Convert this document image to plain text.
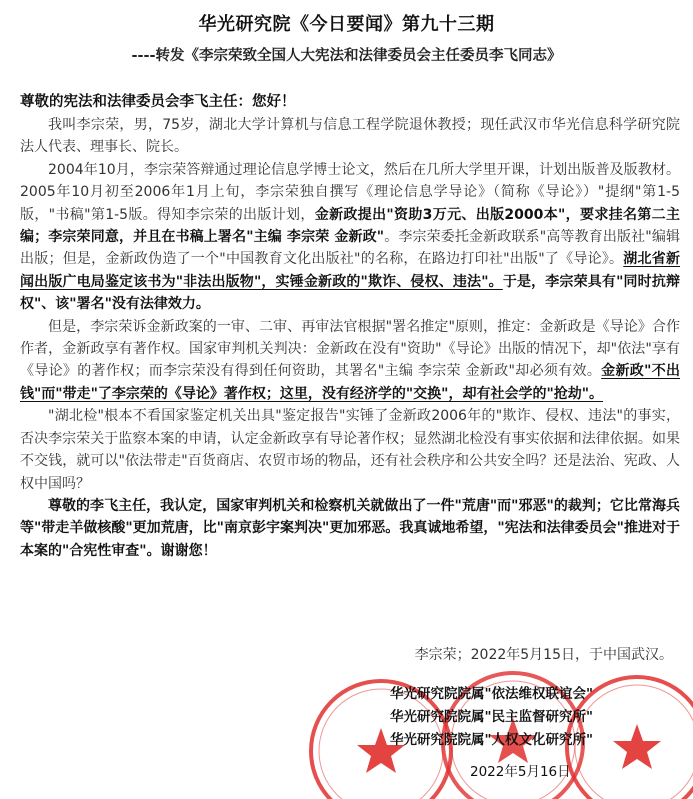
华光研究院《今日要闻》第九十三期
----转发《李宗荣致全国人大宪法和法律委员会主任委员李飞同志》
尊敬的宪法和法律委员会李飞主任：您好！

我叫李宗荣，男，75岁，湖北大学计算机与信息工程学院退休教授；现任武汉市华光信息科学研究院法人代表、理事长、院长。

2004年10月，李宗荣答辩通过理论信息学博士论文，然后在几所大学里开课，计划出版普及版教材。2005年10月初至2006年1月上旬，李宗荣独自撰写《理论信息学导论》（简称《导论》）"提纲"第1-5版，"书稿"第1-5版。得知李宗荣的出版计划，金新政提出"资助3万元、出版2000本"，要求挂名第二主编；李宗荣同意，并且在书稿上署名"主编 李宗荣 金新政"。李宗荣委托金新政联系"高等教育出版社"编辑出版；但是，金新政伪造了一个"中国教育文化出版社"的名称，在路边打印社"出版"了《导论》。湖北省新闻出版广电局鉴定该书为"非法出版物"，实锤金新政的"欺诈、侵权、违法"。于是，李宗荣具有"同时抗辩权"、该"署名"没有法律效力。

但是，李宗荣诉金新政案的一审、二审、再审法官根据"署名推定"原则，推定：金新政是《导论》合作作者，金新政享有著作权。国家审判机关判决：金新政在没有"资助"《导论》出版的情况下，却"依法"享有《导论》的著作权；而李宗荣没有得到任何资助，其署名"主编 李宗荣 金新政"却必须有效。金新政"不出钱"而"带走"了李宗荣的《导论》著作权；这里，没有经济学的"交换"，却有社会学的"抢劫"。

"湖北检"根本不看国家鉴定机关出具"鉴定报告"实锤了金新政2006年的"欺诈、侵权、违法"的事实，否决李宗荣关于监察本案的申请，认定金新政享有导论著作权；显然湖北检没有事实依据和法律依据。如果不交钱，就可以"依法带走"百货商店、农贸市场的物品，还有社会秩序和公共安全吗？还是法治、宪政、人权中国吗？

尊敬的李飞主任，我认定，国家审判机关和检察机关就做出了一件"荒唐"而"邪恶"的裁判；它比常海兵等"带走羊做核酸"更加荒唐，比"南京彭宇案判决"更加邪恶。我真诚地希望，"宪法和法律委员会"推进对于本案的"合宪性审查"。谢谢您！

李宗荣；2022年5月15日，于中国武汉。
华光研究院院属"依法维权联谊会"
华光研究院院属"民主监督研究所"
华光研究院院属"人权文化研究所"
2022年5月16日
